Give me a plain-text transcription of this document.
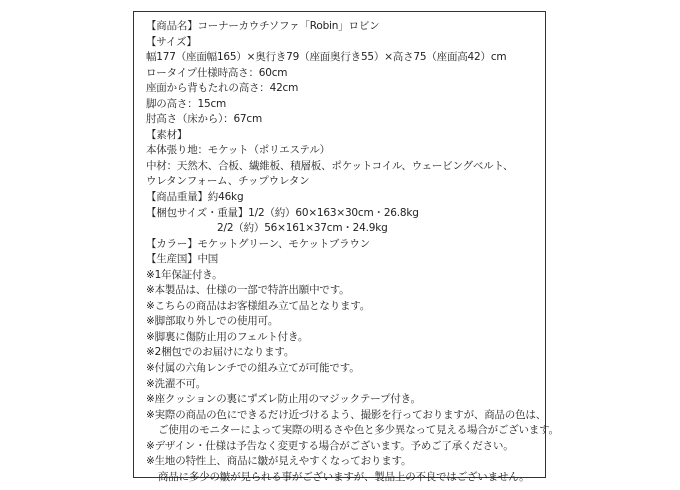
【商品名】コーナーカウチソファ「Robin」ロビン
【サイズ】
幅177（座面幅165）×奥行き79（座面奥行き55）×高さ75（座面高42）cm
ロータイプ仕様時高さ：60cm
座面から背もたれの高さ：42cm
脚の高さ：15cm
肘高さ（床から）：67cm
【素材】
本体張り地：モケット（ポリエステル）
中材：天然木、合板、繊維板、積層板、ポケットコイル、ウェービングベルト、
ウレタンフォーム、チップウレタン
【商品重量】約46kg
【梱包サイズ・重量】1/2（約）60×163×30cm・26.8kg
2/2（約）56×161×37cm・24.9kg
【カラー】モケットグリーン、モケットブラウン
【生産国】中国
※1年保証付き。
※本製品は、仕様の一部で特許出願中です。
※こちらの商品はお客様組み立て品となります。
※脚部取り外しでの使用可。
※脚裏に傷防止用のフェルト付き。
※2梱包でのお届けになります。
※付属の六角レンチでの組み立てが可能です。
※洗濯不可。
※座クッションの裏にずズレ防止用のマジックテープ付き。
※実際の商品の色にできるだけ近づけるよう、撮影を行っておりますが、商品の色は、
ご使用のモニターによって実際の明るさや色と多少異なって見える場合がございます。
※デザイン・仕様は予告なく変更する場合がございます。予めご了承ください。
※生地の特性上、商品に皺が見えやすくなっております。
商品に多少の皺が見られる事がございますが、製品上の不良ではございません。
